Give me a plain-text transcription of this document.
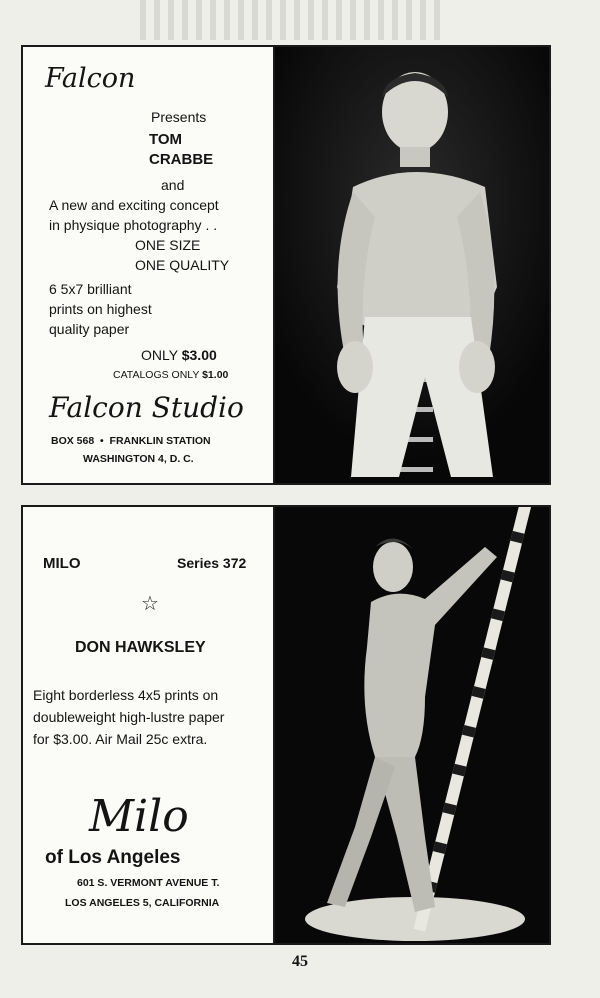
Falcon
Presents
TOM
CRABBE
and
A new and exciting concept
in physique photography . .
ONE SIZE
ONE QUALITY
6 5x7 brilliant
prints on highest
quality paper
ONLY $3.00
CATALOGS ONLY $1.00
Falcon Studio
BOX 568  •  FRANKLIN STATION
WASHINGTON 4, D. C.
MILO	Series 372
☆
DON HAWKSLEY
Eight borderless 4x5 prints on
doubleweight high-lustre paper
for $3.00. Air Mail 25c extra.
Milo
of Los Angeles
601 S. VERMONT AVENUE T.
LOS ANGELES 5, CALIFORNIA
45
